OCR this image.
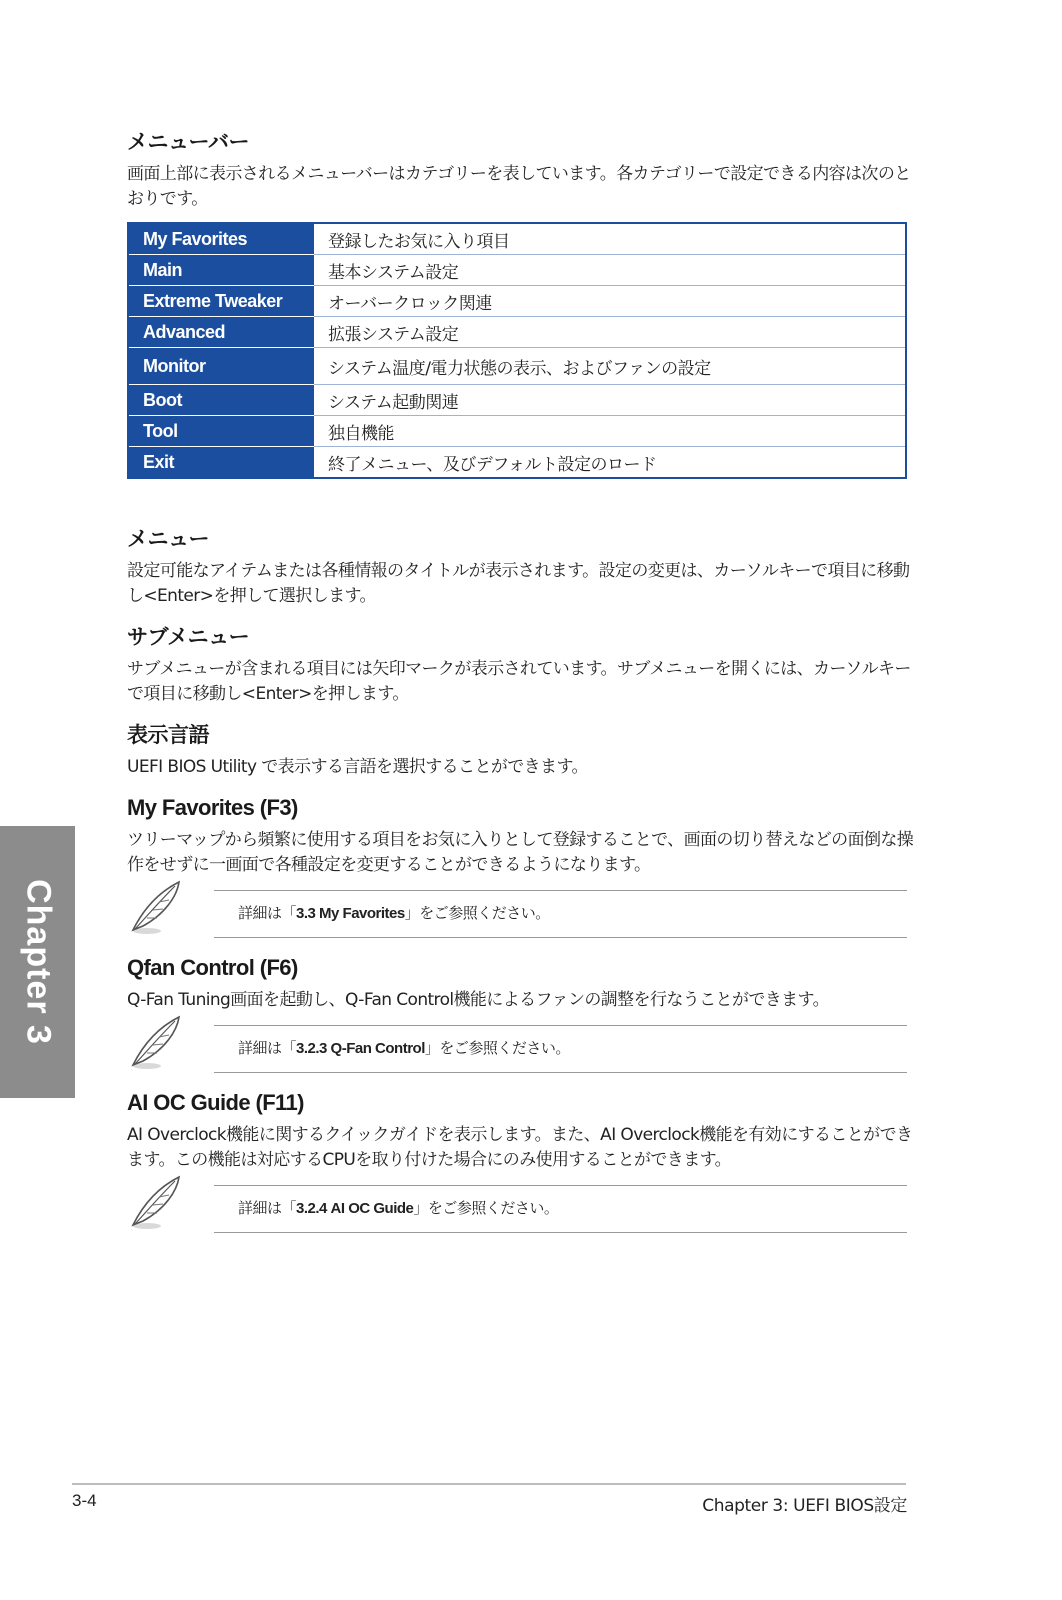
メニューバー

画面上部に表示されるメニューバーはカテゴリーを表しています。各カテゴリーで設定できる内容は次のとおりです。

My Favorites	登録したお気に入り項目
Main	基本システム設定
Extreme Tweaker	オーバークロック関連
Advanced	拡張システム設定
Monitor	システム温度/電力状態の表示、およびファンの設定
Boot	システム起動関連
Tool	独自機能
Exit	終了メニュー、及びデフォルト設定のロード
メニュー

設定可能なアイテムまたは各種情報のタイトルが表示されます。設定の変更は、カーソルキーで項目に移動し<Enter>を押して選択します。

サブメニュー

サブメニューが含まれる項目には矢印マークが表示されています。サブメニューを開くには、カーソルキーで項目に移動し<Enter>を押します。

表示言語

UEFI BIOS Utility で表示する言語を選択することができます。

My Favorites (F3)

ツリーマップから頻繁に使用する項目をお気に入りとして登録することで、画面の切り替えなどの面倒な操作をせずに一画面で各種設定を変更することができるようになります。

詳細は「3.3 My Favorites」をご参照ください。
Qfan Control (F6)

Q-Fan Tuning画面を起動し、Q-Fan Control機能によるファンの調整を行なうことができます。

詳細は「3.2.3 Q-Fan Control」をご参照ください。
AI OC Guide (F11)

AI Overclock機能に関するクイックガイドを表示します。また、AI Overclock機能を有効にすることができます。この機能は対応するCPUを取り付けた場合にのみ使用することができます。

詳細は「3.2.4 AI OC Guide」をご参照ください。
Chapter 3
3-4	Chapter 3: UEFI BIOS設定
